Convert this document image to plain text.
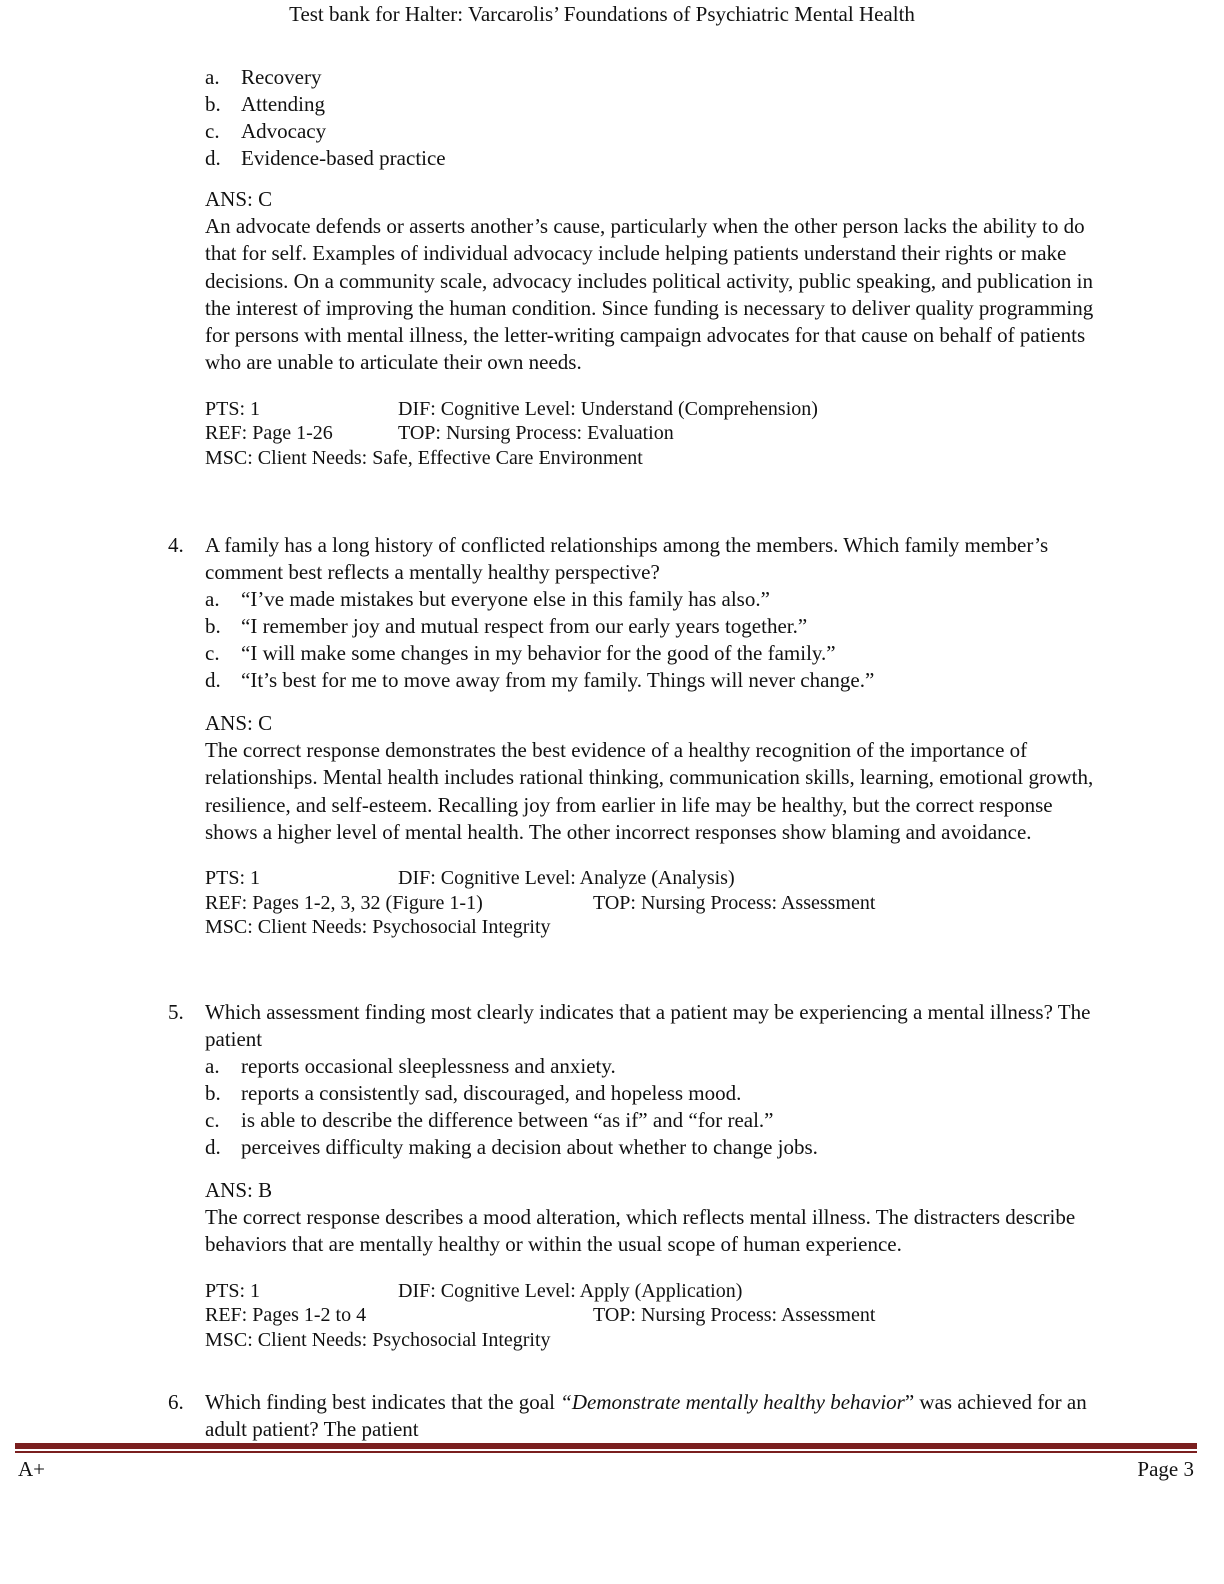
Test bank for Halter: Varcarolis’ Foundations of Psychiatric Mental Health
a.	Recovery
b. Attending
c.	Advocacy
d. Evidence-based practice
ANS: C
An advocate defends or asserts another’s cause, particularly when the other person lacks the ability to do that for self. Examples of individual advocacy include helping patients understand their rights or make decisions. On a community scale, advocacy includes political activity, public speaking, and publication in the interest of improving the human condition. Since funding is necessary to deliver quality programming for persons with mental illness, the letter-writing campaign advocates for that cause on behalf of patients who are unable to articulate their own needs.
PTS: 1	DIF: Cognitive Level: Understand (Comprehension)
REF: Page 1-26	TOP: Nursing Process: Evaluation
MSC: Client Needs: Safe, Effective Care Environment
4. A family has a long history of conflicted relationships among the members. Which family member’s comment best reflects a mentally healthy perspective?
a.	“I’ve made mistakes but everyone else in this family has also.”
b. “I remember joy and mutual respect from our early years together.”
c.	“I will make some changes in my behavior for the good of the family.”
d. “It’s best for me to move away from my family. Things will never change.”
ANS: C
The correct response demonstrates the best evidence of a healthy recognition of the importance of relationships. Mental health includes rational thinking, communication skills, learning, emotional growth, resilience, and self-esteem. Recalling joy from earlier in life may be healthy, but the correct response shows a higher level of mental health. The other incorrect responses show blaming and avoidance.
PTS: 1	DIF: Cognitive Level: Analyze (Analysis)
REF: Pages 1-2, 3, 32 (Figure 1-1)	TOP: Nursing Process: Assessment
MSC: Client Needs: Psychosocial Integrity
5. Which assessment finding most clearly indicates that a patient may be experiencing a mental illness? The patient
a.	reports occasional sleeplessness and anxiety.
b. reports a consistently sad, discouraged, and hopeless mood.
c.	is able to describe the difference between “as if” and “for real.”
d. perceives difficulty making a decision about whether to change jobs.
ANS: B
The correct response describes a mood alteration, which reflects mental illness. The distracters describe behaviors that are mentally healthy or within the usual scope of human experience.
PTS: 1	DIF: Cognitive Level: Apply (Application)
REF: Pages 1-2 to 4	TOP: Nursing Process: Assessment
MSC: Client Needs: Psychosocial Integrity
6. Which finding best indicates that the goal “Demonstrate mentally healthy behavior” was achieved for an adult patient? The patient
A+	Page 3
